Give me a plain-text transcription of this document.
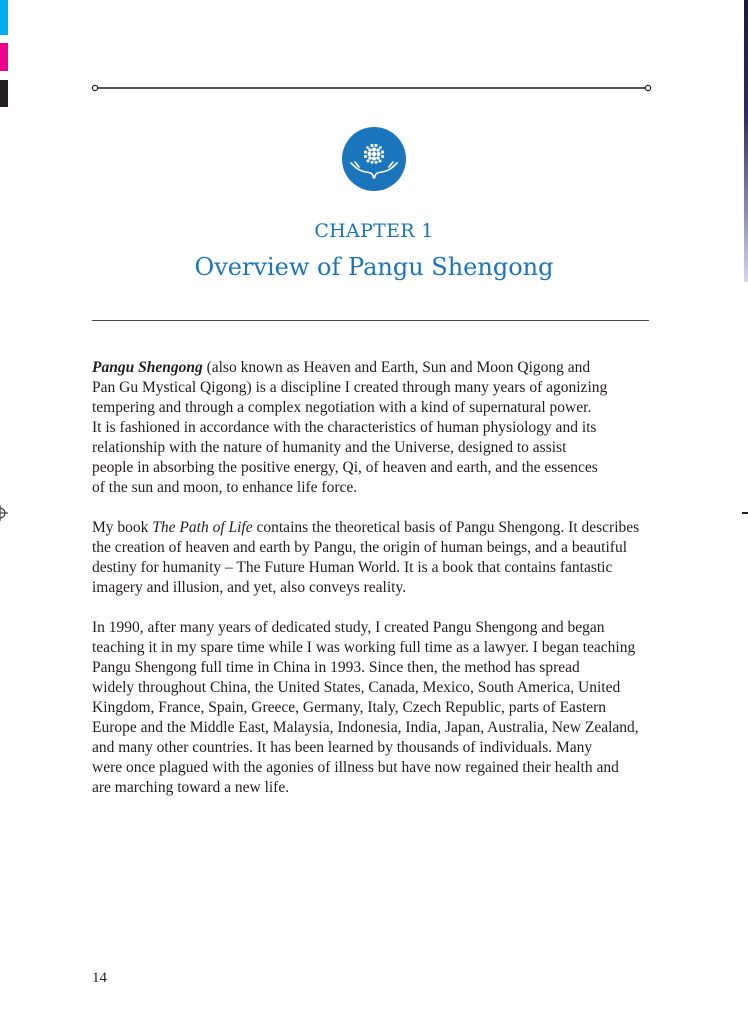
CHAPTER 1
Overview of Pangu Shengong

Pangu Shengong (also known as Heaven and Earth, Sun and Moon Qigong and
Pan Gu Mystical Qigong) is a discipline I created through many years of agonizing
tempering and through a complex negotiation with a kind of supernatural power.
It is fashioned in accordance with the characteristics of human physiology and its
relationship with the nature of humanity and the Universe, designed to assist
people in absorbing the positive energy, Qi, of heaven and earth, and the essences
of the sun and moon, to enhance life force.

My book The Path of Life contains the theoretical basis of Pangu Shengong. It describes
the creation of heaven and earth by Pangu, the origin of human beings, and a beautiful
destiny for humanity – The Future Human World. It is a book that contains fantastic
imagery and illusion, and yet, also conveys reality.

In 1990, after many years of dedicated study, I created Pangu Shengong and began
teaching it in my spare time while I was working full time as a lawyer. I began teaching
Pangu Shengong full time in China in 1993. Since then, the method has spread
widely throughout China, the United States, Canada, Mexico, South America, United
Kingdom, France, Spain, Greece, Germany, Italy, Czech Republic, parts of Eastern
Europe and the Middle East, Malaysia, Indonesia, India, Japan, Australia, New Zealand,
and many other countries. It has been learned by thousands of individuals. Many
were once plagued with the agonies of illness but have now regained their health and
are marching toward a new life.

14
